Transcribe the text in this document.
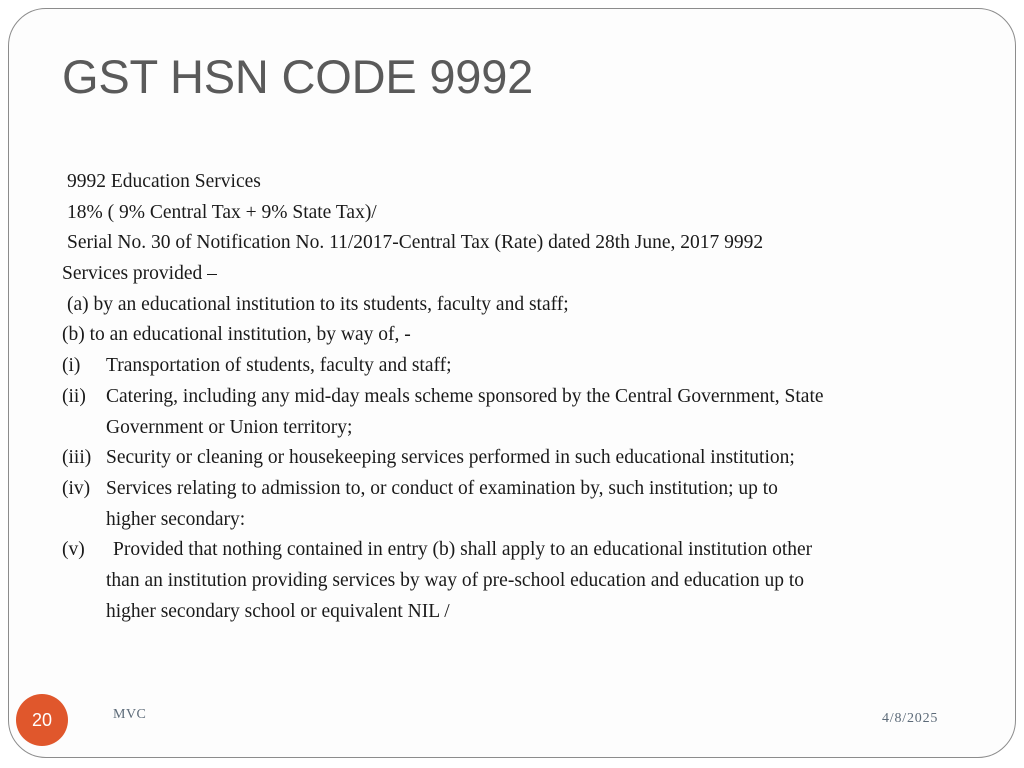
GST HSN CODE 9992
9992 Education Services
18% ( 9% Central Tax + 9% State Tax)/
Serial No. 30 of Notification No. 11/2017-Central Tax (Rate) dated 28th June, 2017 9992
Services provided –
(a) by an educational institution to its students, faculty and staff;
(b) to an educational institution, by way of, -
(i)	Transportation of students, faculty and staff;
(ii)	Catering, including any mid-day meals scheme sponsored by the Central Government, State
Government or Union territory;
(iii) Security or cleaning or housekeeping services performed in such educational institution;
(iv) Services relating to admission to, or conduct of examination by, such institution; up to
higher secondary:
(v)	Provided that nothing contained in entry (b) shall apply to an educational institution other
than an institution providing services by way of pre-school education and education up to
higher secondary school or equivalent NIL /
20	MVC	4/8/2025
